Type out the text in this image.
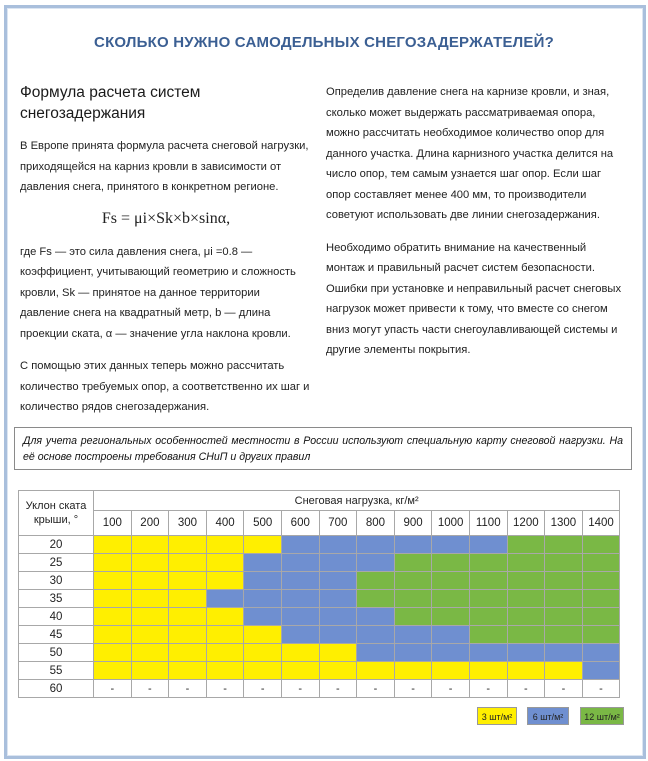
СКОЛЬКО НУЖНО САМОДЕЛЬНЫХ СНЕГОЗАДЕРЖАТЕЛЕЙ?
Формула расчета систем снегозадержания
В Европе принята формула расчета снеговой нагрузки, приходящейся на карниз кровли в зависимости от давления снега, принятого в конкретном регионе.
Fs = μi×Sk×b×sinα,
где Fs — это сила давления снега, μi =0.8 — коэффициент, учитывающий геометрию и сложность кровли, Sk — принятое на данное территории давление снега на квадратный метр, b — длина проекции ската, α — значение угла наклона кровли.
С помощью этих данных теперь можно рассчитать количество требуемых опор, а соответственно их шаг и количество рядов снегозадержания.
Определив давление снега на карнизе кровли, и зная, сколько может выдержать рассматриваемая опора, можно рассчитать необходимое количество опор для данного участка. Длина карнизного участка делится на число опор, тем самым узнается шаг опор. Если шаг опор составляет менее 400 мм, то производители советуют использовать две линии снегозадержания.
Необходимо обратить внимание на качественный монтаж и правильный расчет систем безопасности. Ошибки при установке и неправильный расчет снеговых нагрузок может привести к тому, что вместе со снегом вниз могут упасть части снегоулавливающей системы и другие элементы покрытия.
Для учета региональных особенностей местности в России используют специальную карту снеговой нагрузки. На её основе построены требования СНиП и других правил
Уклон ската крыши, °	Снеговая нагрузка, кг/м²													
	100	200	300	400	500	600	700	800	900	1000	1100	1200	1300	1400
20														
25														
30														
35														
40														
45														
50														
55														
60	-	-	-	-	-	-	-	-	-	-	-	-	-	-
3 шт/м²	6 шт/м²	12 шт/м²
